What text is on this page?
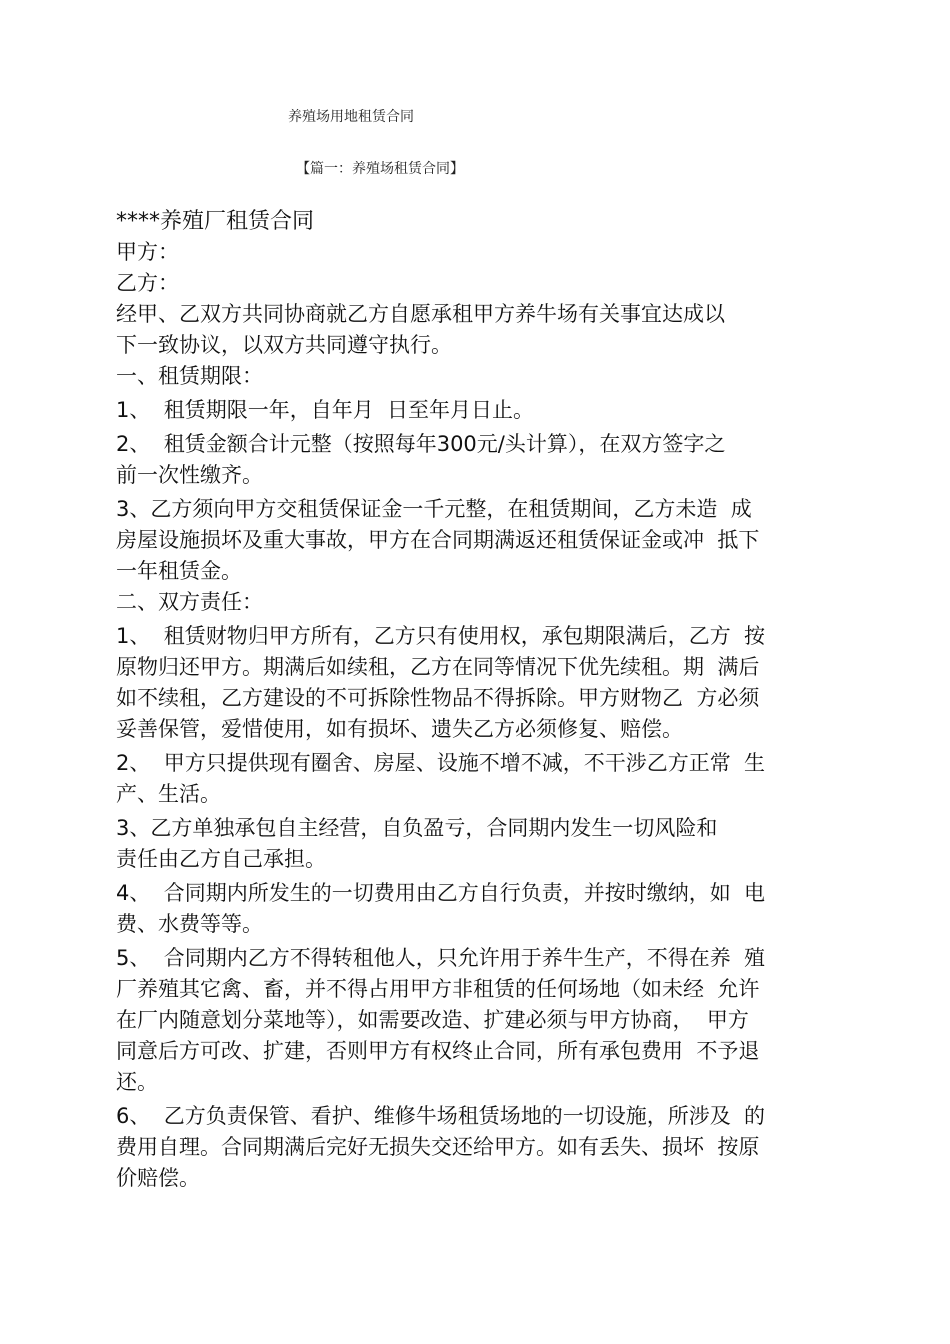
养殖场用地租赁合同
【篇一：养殖场租赁合同】

****养殖厂租赁合同

甲方：

乙方：

经甲、乙双方共同协商就乙方自愿承租甲方养牛场有关事宜达成以

下一致协议，以双方共同遵守执行。

一、租赁期限：

1、  租赁期限一年，自年月  日至年月日止。

2、  租赁金额合计元整（按照每年300元/头计算），在双方签字之

前一次性缴齐。

3、乙方须向甲方交租赁保证金一千元整，在租赁期间，乙方未造  成

房屋设施损坏及重大事故，甲方在合同期满返还租赁保证金或冲  抵下

一年租赁金。

二、双方责任：

1、  租赁财物归甲方所有，乙方只有使用权，承包期限满后，乙方  按

原物归还甲方。期满后如续租，乙方在同等情况下优先续租。期  满后

如不续租，乙方建设的不可拆除性物品不得拆除。甲方财物乙  方必须

妥善保管，爱惜使用，如有损坏、遗失乙方必须修复、赔偿。

2、  甲方只提供现有圈舍、房屋、设施不增不减，不干涉乙方正常  生

产、生活。

3、乙方单独承包自主经营，自负盈亏，合同期内发生一切风险和

责任由乙方自己承担。

4、  合同期内所发生的一切费用由乙方自行负责，并按时缴纳，如  电

费、水费等等。

5、  合同期内乙方不得转租他人，只允许用于养牛生产，不得在养  殖

厂养殖其它禽、畜，并不得占用甲方非租赁的任何场地（如未经  允许

在厂内随意划分菜地等），如需要改造、扩建必须与甲方协商，  甲方

同意后方可改、扩建，否则甲方有权终止合同，所有承包费用  不予退

还。

6、  乙方负责保管、看护、维修牛场租赁场地的一切设施，所涉及  的

费用自理。合同期满后完好无损失交还给甲方。如有丢失、损坏  按原

价赔偿。
